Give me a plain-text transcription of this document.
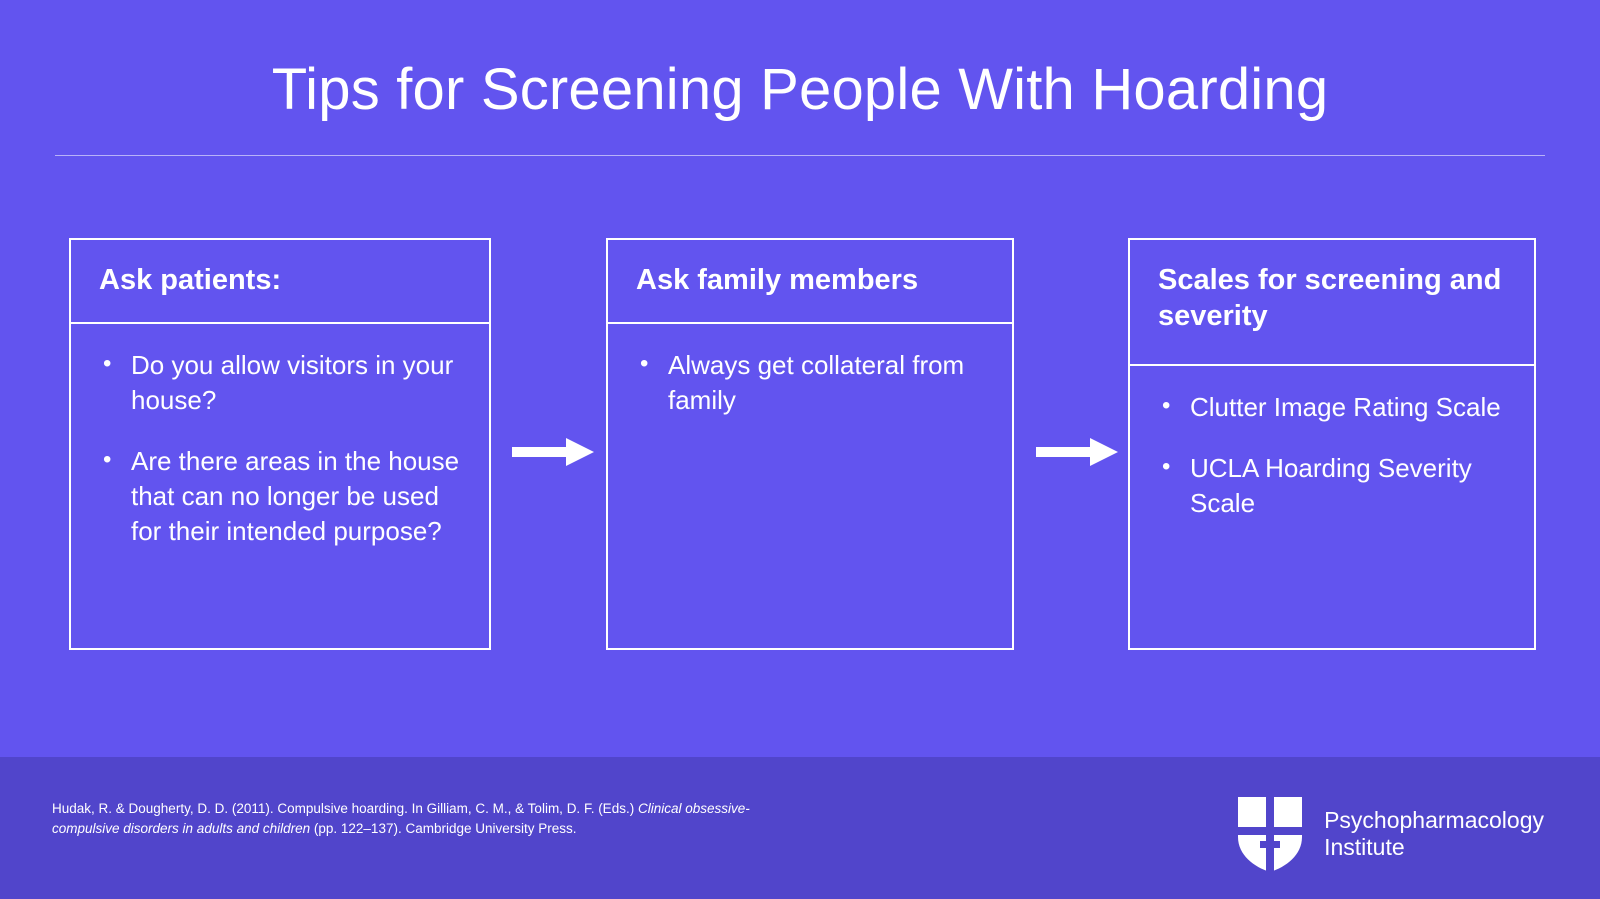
Tips for Screening People With Hoarding
Ask patients:
• Do you allow visitors in your house?
• Are there areas in the house that can no longer be used for their intended purpose?
Ask family members
• Always get collateral from family
Scales for screening and severity
• Clutter Image Rating Scale
• UCLA Hoarding Severity Scale
Hudak, R. & Dougherty, D. D. (2011). Compulsive hoarding. In Gilliam, C. M., & Tolim, D. F. (Eds.) Clinical obsessive-compulsive disorders in adults and children (pp. 122–137). Cambridge University Press.	Psychopharmacology
Institute
